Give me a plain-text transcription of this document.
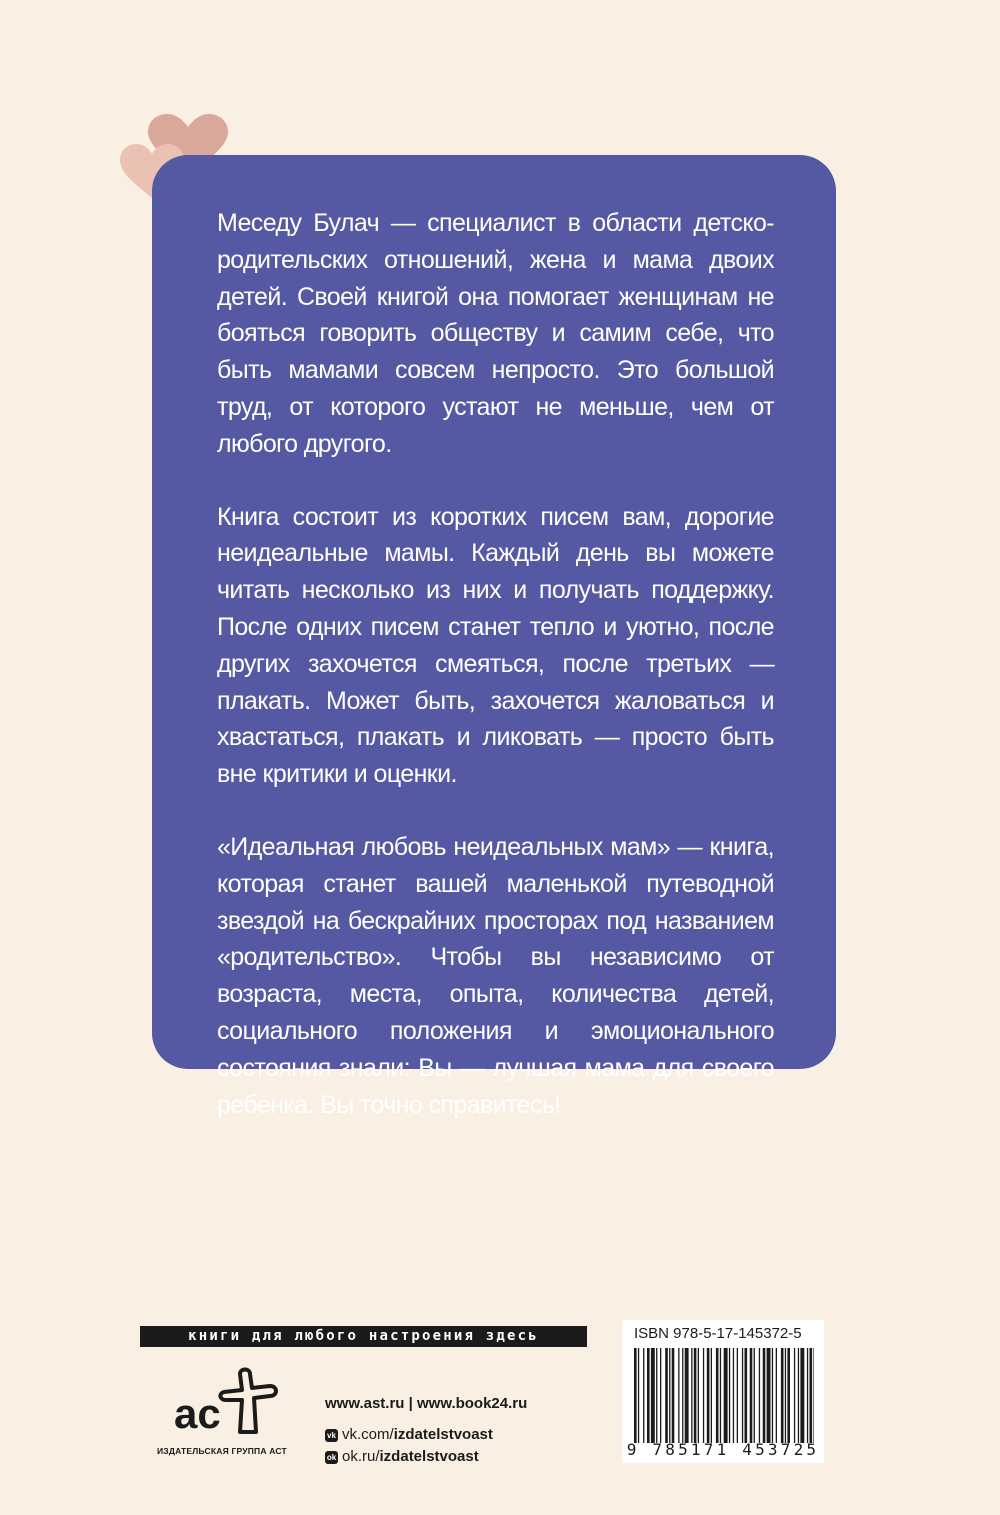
Меседу Булач — специалист в области детско-родительских отношений, жена и мама двоих детей. Своей книгой она помогает женщинам не бояться говорить обществу и самим себе, что быть мамами совсем непросто. Это большой труд, от которого устают не меньше, чем от любого другого.

Книга состоит из коротких писем вам, дорогие неидеальные мамы. Каждый день вы можете читать несколько из них и получать поддержку. После одних писем станет тепло и уютно, после других захочется смеяться, после третьих — плакать. Может быть, захочется жаловаться и хвастаться, плакать и ликовать — просто быть вне критики и оценки.

«Идеальная любовь неидеальных мам» — книга, которая станет вашей маленькой путеводной звездой на бескрайних просторах под названием «родительство». Чтобы вы независимо от возраста, места, опыта, количества детей, социального положения и эмоционального состояния знали: Вы — лучшая мама для своего ребенка. Вы точно справитесь!

книги для любого настроения здесь
ac
ИЗДАТЕЛЬСКАЯ ГРУППА АСТ
www.ast.ru | www.book24.ru
vk vk.com/izdatelstvoast
ok ok.ru/izdatelstvoast
ISBN 978-5-17-145372-5
9 785171 453725
